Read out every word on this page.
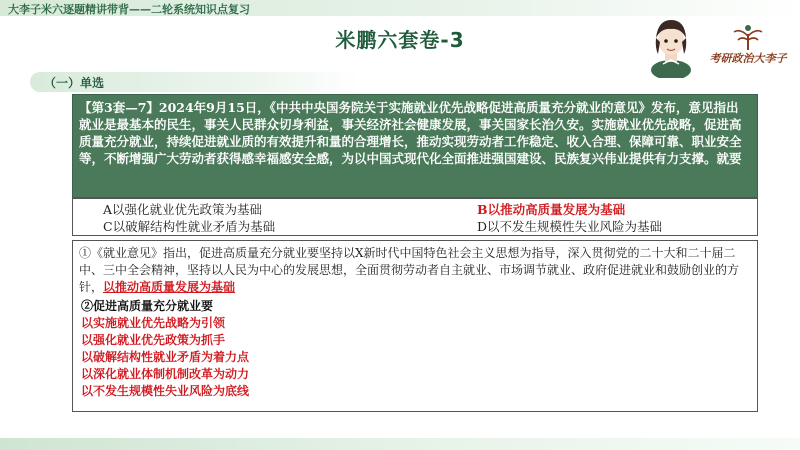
大李子米六逐题精讲带背——二轮系统知识点复习
米鹏六套卷-3
考研政治大李子
（一）单选
【第3套—7】2024年9月15日，《中共中央国务院关于实施就业优先战略促进高质量充分就业的意见》发布，意见指出就业是最基本的民生，事关人民群众切身利益，事关经济社会健康发展，事关国家长治久安。实施就业优先战略，促进高质量充分就业，持续促进就业质的有效提升和量的合理增长，推动实现劳动者工作稳定、收入合理、保障可靠、职业安全等，不断增强广大劳动者获得感幸福感安全感，为以中国式现代化全面推进强国建设、民族复兴伟业提供有力支撑。就要
A以强化就业优先政策为基础	B以推动高质量发展为基础
C以破解结构性就业矛盾为基础	D以不发生规模性失业风险为基础
①《就业意见》指出，促进高质量充分就业要坚持以X新时代中国特色社会主义思想为指导，深入贯彻党的二十大和二十届二中、三中全会精神，坚持以人民为中心的发展思想，全面贯彻劳动者自主就业、市场调节就业、政府促进就业和鼓励创业的方针，以推动高质量发展为基础
②促进高质量充分就业要
以实施就业优先战略为引领
以强化就业优先政策为抓手
以破解结构性就业矛盾为着力点
以深化就业体制机制改革为动力
以不发生规模性失业风险为底线
